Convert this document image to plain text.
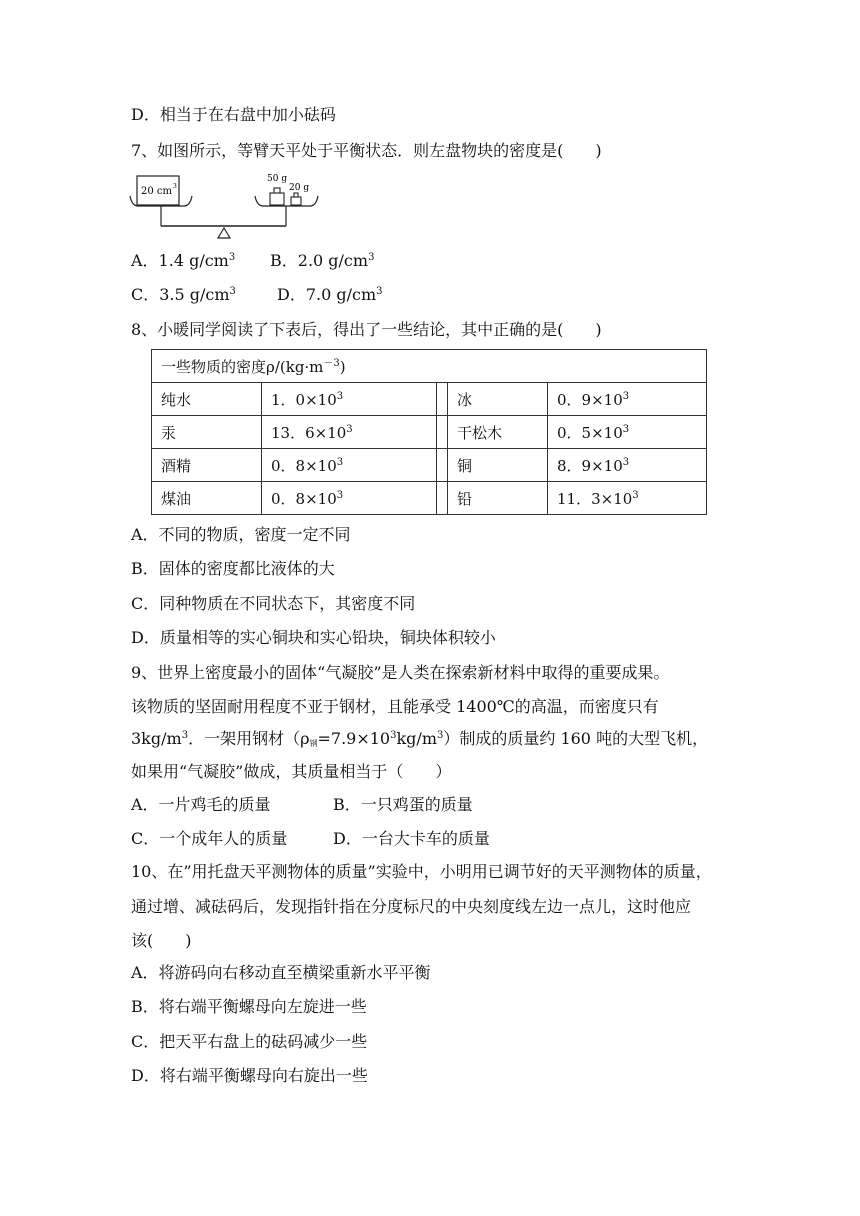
D．相当于在右盘中加小砝码
7、如图所示，等臂天平处于平衡状态．则左盘物块的密度是(　　)
20 cm 3
50 g
20 g
A．1.4 $g/cm^3$ B．2.0 $g/cm^3$
C．3.5 $g/cm^3$	D．7.0 $g/cm^3$
8、小暖同学阅读了下表后，得出了一些结论，其中正确的是(　　)
一些物质的密度$\rho/(kg\cdot m^{-3})$				
纯水	1．$0\times 10^3$		冰	0．$9\times 10^3$
汞	13．$6\times 10^3$		干松木	0．$5\times 10^3$
酒精	0．$8\times 10^3$		铜	8．$9\times 10^3$
煤油	0．$8\times 10^3$		铅	11．$3\times 10^3$
A．不同的物质，密度一定不同
B．固体的密度都比液体的大
C．同种物质在不同状态下，其密度不同
D．质量相等的实心铜块和实心铅块，铜块体积较小
9、世界上密度最小的固体“气凝胶”是人类在探索新材料中取得的重要成果。
该物质的坚固耐用程度不亚于钢材，且能承受 1400℃的高温，而密度只有
$3kg/m^3$．一架用钢材$(\rho_钢=7.9\times 10^3kg/m^3)$制成的质量约 160 吨的大型飞机，
如果用“气凝胶”做成，其质量相当于（　　）
A．一片鸡毛的质量	B．一只鸡蛋的质量
C．一个成年人的质量	D．一台大卡车的质量
10、在”用托盘天平测物体的质量”实验中，小明用已调节好的天平测物体的质量，
通过增、减砝码后，发现指针指在分度标尺的中央刻度线左边一点儿，这时他应
该(　　)
A．将游码向右移动直至横梁重新水平平衡
B．将右端平衡螺母向左旋进一些
C．把天平右盘上的砝码减少一些
D．将右端平衡螺母向右旋出一些
